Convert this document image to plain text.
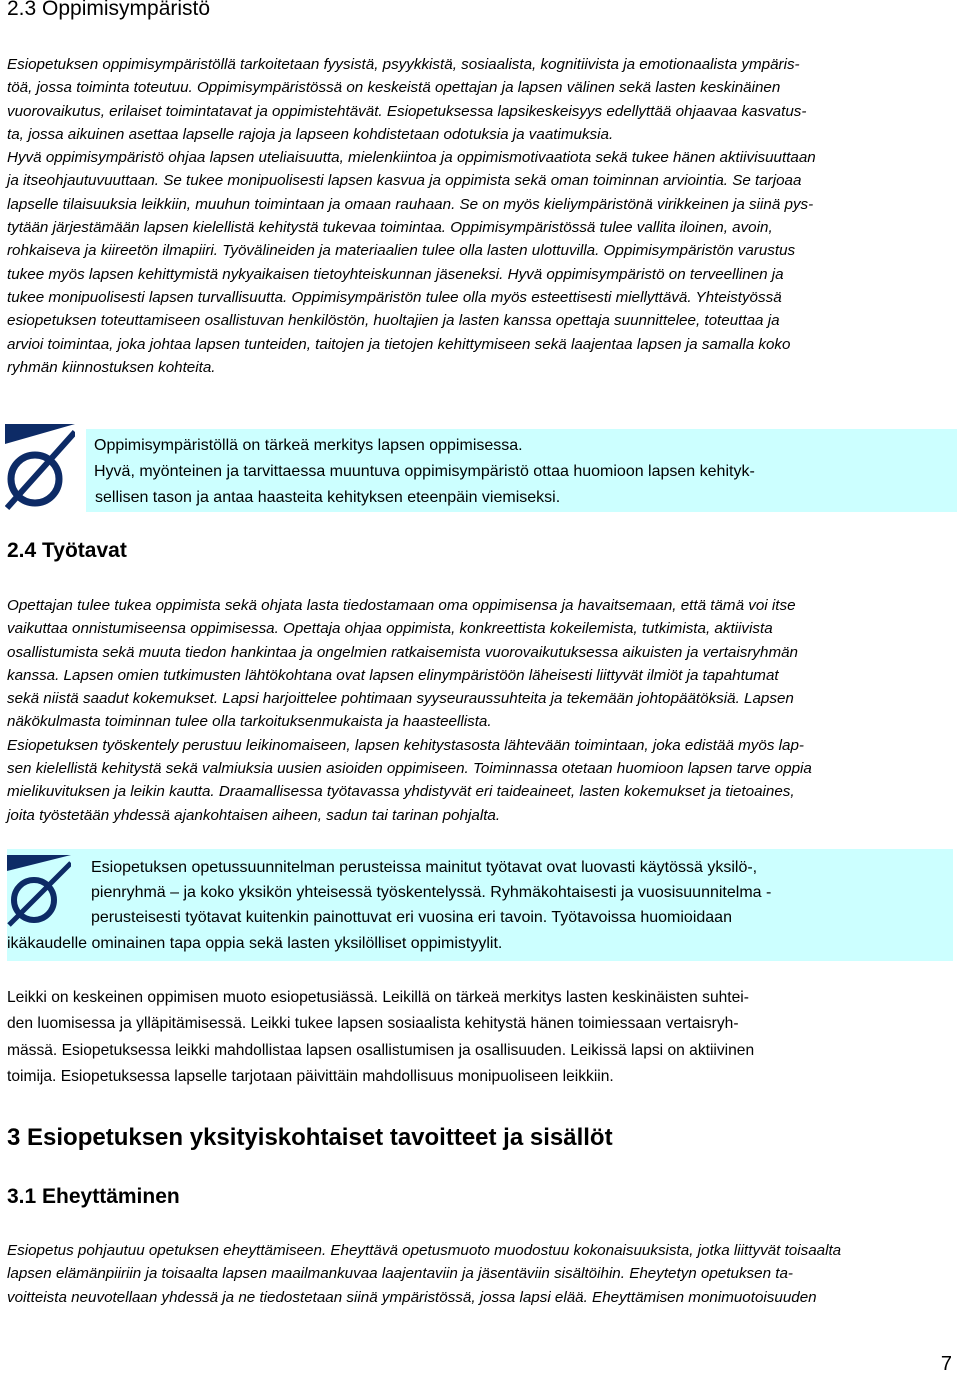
2.3 Oppimisympäristö
Esiopetuksen oppimisympäristöllä tarkoitetaan fyysistä, psyykkistä, sosiaalista, kognitiivista ja emotionaalista ympäris-
töä, jossa toiminta toteutuu. Oppimisympäristössä on keskeistä opettajan ja lapsen välinen sekä lasten keskinäinen
vuorovaikutus, erilaiset toimintatavat ja oppimistehtävät. Esiopetuksessa lapsikeskeisyys edellyttää ohjaavaa kasvatus-
ta, jossa aikuinen asettaa lapselle rajoja ja lapseen kohdistetaan odotuksia ja vaatimuksia.
Hyvä oppimisympäristö ohjaa lapsen uteliaisuutta, mielenkiintoa ja oppimismotivaatiota sekä tukee hänen aktiivisuuttaan
ja itseohjautuvuuttaan. Se tukee monipuolisesti lapsen kasvua ja oppimista sekä oman toiminnan arviointia. Se tarjoaa
lapselle tilaisuuksia leikkiin, muuhun toimintaan ja omaan rauhaan. Se on myös kieliympäristönä virikkeinen ja siinä pys-
tytään järjestämään lapsen kielellistä kehitystä tukevaa toimintaa. Oppimisympäristössä tulee vallita iloinen, avoin,
rohkaiseva ja kiireetön ilmapiiri. Työvälineiden ja materiaalien tulee olla lasten ulottuvilla. Oppimisympäristön varustus
tukee myös lapsen kehittymistä nykyaikaisen tietoyhteiskunnan jäseneksi. Hyvä oppimisympäristö on terveellinen ja
tukee monipuolisesti lapsen turvallisuutta. Oppimisympäristön tulee olla myös esteettisesti miellyttävä. Yhteistyössä
esiopetuksen toteuttamiseen osallistuvan henkilöstön, huoltajien ja lasten kanssa opettaja suunnittelee, toteuttaa ja
arvioi toimintaa, joka johtaa lapsen tunteiden, taitojen ja tietojen kehittymiseen sekä laajentaa lapsen ja samalla koko
ryhmän kiinnostuksen kohteita.
Oppimisympäristöllä on tärkeä merkitys lapsen oppimisessa.
Hyvä, myönteinen ja tarvittaessa muuntuva oppimisympäristö ottaa huomioon lapsen kehityk-
sellisen tason ja antaa haasteita kehityksen eteenpäin viemiseksi.
2.4 Työtavat
Opettajan tulee tukea oppimista sekä ohjata lasta tiedostamaan oma oppimisensa ja havaitsemaan, että tämä voi itse
vaikuttaa onnistumiseensa oppimisessa. Opettaja ohjaa oppimista, konkreettista kokeilemista, tutkimista, aktiivista
osallistumista sekä muuta tiedon hankintaa ja ongelmien ratkaisemista vuorovaikutuksessa aikuisten ja vertaisryhmän
kanssa. Lapsen omien tutkimusten lähtökohtana ovat lapsen elinympäristöön läheisesti liittyvät ilmiöt ja tapahtumat
sekä niistä saadut kokemukset. Lapsi harjoittelee pohtimaan syyseuraussuhteita ja tekemään johtopäätöksiä. Lapsen
näkökulmasta toiminnan tulee olla tarkoituksenmukaista ja haasteellista.
Esiopetuksen työskentely perustuu leikinomaiseen, lapsen kehitystasosta lähtevään toimintaan, joka edistää myös lap-
sen kielellistä kehitystä sekä valmiuksia uusien asioiden oppimiseen. Toiminnassa otetaan huomioon lapsen tarve oppia
mielikuvituksen ja leikin kautta. Draamallisessa työtavassa yhdistyvät eri taideaineet, lasten kokemukset ja tietoaines,
joita työstetään yhdessä ajankohtaisen aiheen, sadun tai tarinan pohjalta.
Esiopetuksen opetussuunnitelman perusteissa mainitut työtavat ovat luovasti käytössä yksilö-,
pienryhmä – ja koko yksikön yhteisessä työskentelyssä. Ryhmäkohtaisesti ja vuosisuunnitelma -
perusteisesti työtavat kuitenkin painottuvat eri vuosina eri tavoin. Työtavoissa huomioidaan
ikäkaudelle ominainen tapa oppia sekä lasten yksilölliset oppimistyylit.
Leikki on keskeinen oppimisen muoto esiopetusiässä. Leikillä on tärkeä merkitys lasten keskinäisten suhtei-
den luomisessa ja ylläpitämisessä. Leikki tukee lapsen sosiaalista kehitystä hänen toimiessaan vertaisryh-
mässä. Esiopetuksessa leikki mahdollistaa lapsen osallistumisen ja osallisuuden. Leikissä lapsi on aktiivinen
toimija. Esiopetuksessa lapselle tarjotaan päivittäin mahdollisuus monipuoliseen leikkiin.
3 Esiopetuksen yksityiskohtaiset tavoitteet ja sisällöt
3.1 Eheyttäminen
Esiopetus pohjautuu opetuksen eheyttämiseen. Eheyttävä opetusmuoto muodostuu kokonaisuuksista, jotka liittyvät toisaalta
lapsen elämänpiiriin ja toisaalta lapsen maailmankuvaa laajentaviin ja jäsentäviin sisältöihin. Eheytetyn opetuksen ta-
voitteista neuvotellaan yhdessä ja ne tiedostetaan siinä ympäristössä, jossa lapsi elää. Eheyttämisen monimuotoisuuden
7
